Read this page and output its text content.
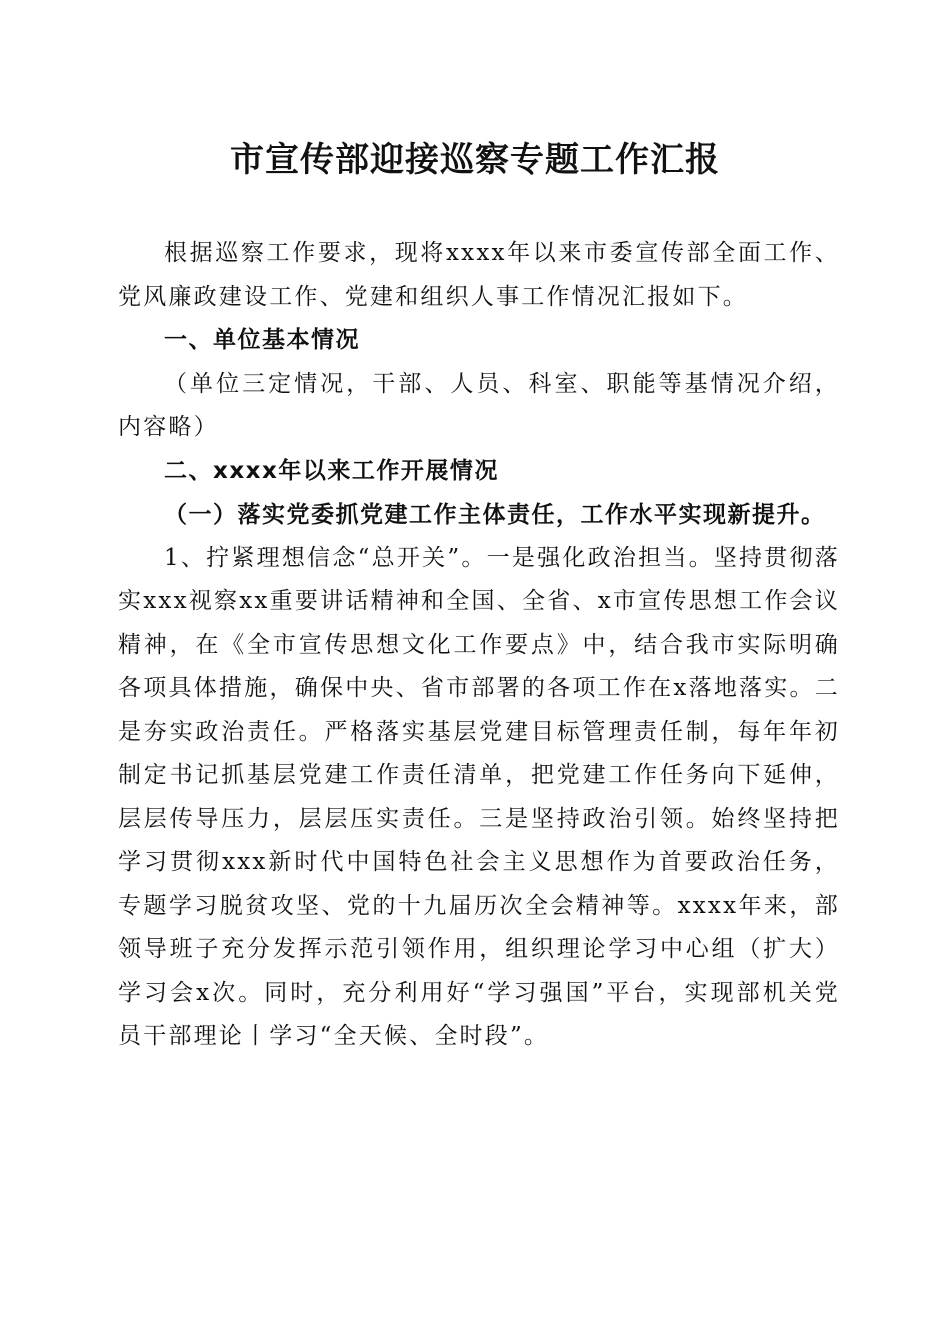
市宣传部迎接巡察专题工作汇报

根据巡察工作要求，现将xxxx年以来市委宣传部全面工作、党风廉政建设工作、党建和组织人事工作情况汇报如下。

一、单位基本情况

（单位三定情况，干部、人员、科室、职能等基情况介绍，内容略）

二、xxxx年以来工作开展情况

（一）落实党委抓党建工作主体责任，工作水平实现新提升。

1、拧紧理想信念“总开关”。一是强化政治担当。坚持贯彻落实xxx视察xx重要讲话精神和全国、全省、x市宣传思想工作会议精神，在《全市宣传思想文化工作要点》中，结合我市实际明确各项具体措施，确保中央、省市部署的各项工作在x落地落实。二是夯实政治责任。严格落实基层党建目标管理责任制，每年年初制定书记抓基层党建工作责任清单，把党建工作任务向下延伸，层层传导压力，层层压实责任。三是坚持政治引领。始终坚持把学习贯彻xxx新时代中国特色社会主义思想作为首要政治任务，专题学习脱贫攻坚、党的十九届历次全会精神等。xxxx年来，部领导班子充分发挥示范引领作用，组织理论学习中心组（扩大）学习会x次。同时，充分利用好“学习强国”平台，实现部机关党员干部理论丨学习“全天候、全时段”。
